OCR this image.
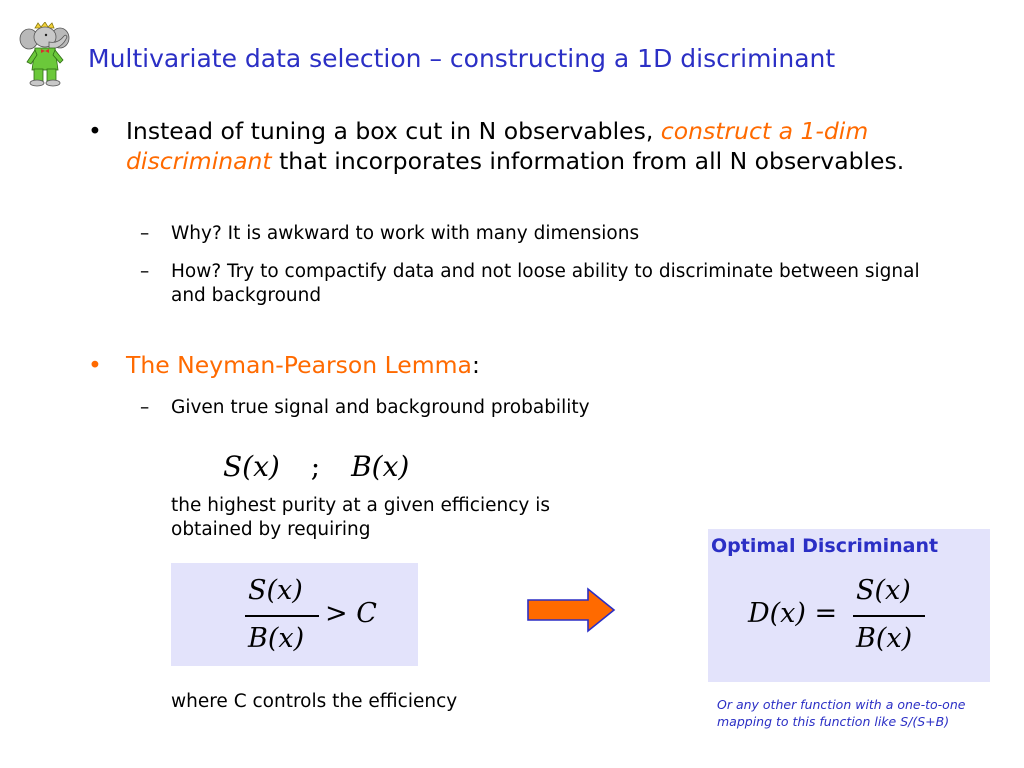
Multivariate data selection – constructing a 1D discriminant
• Instead of tuning a box cut in N observables, construct a 1-dim discriminant that incorporates information from all N observables.
– Why? It is awkward to work with many dimensions
– How? Try to compactify data and not loose ability to discriminate between signal and background
• The Neyman-Pearson Lemma:
– Given true signal and background probability
S(x) ; B(x)
the highest purity at a given efficiency is obtained by requiring
S(x)
B(x)
> C
where C controls the efficiency
Optimal Discriminant
D(x) =
S(x)
B(x)
Or any other function with a one-to-one mapping to this function like S/(S+B)
